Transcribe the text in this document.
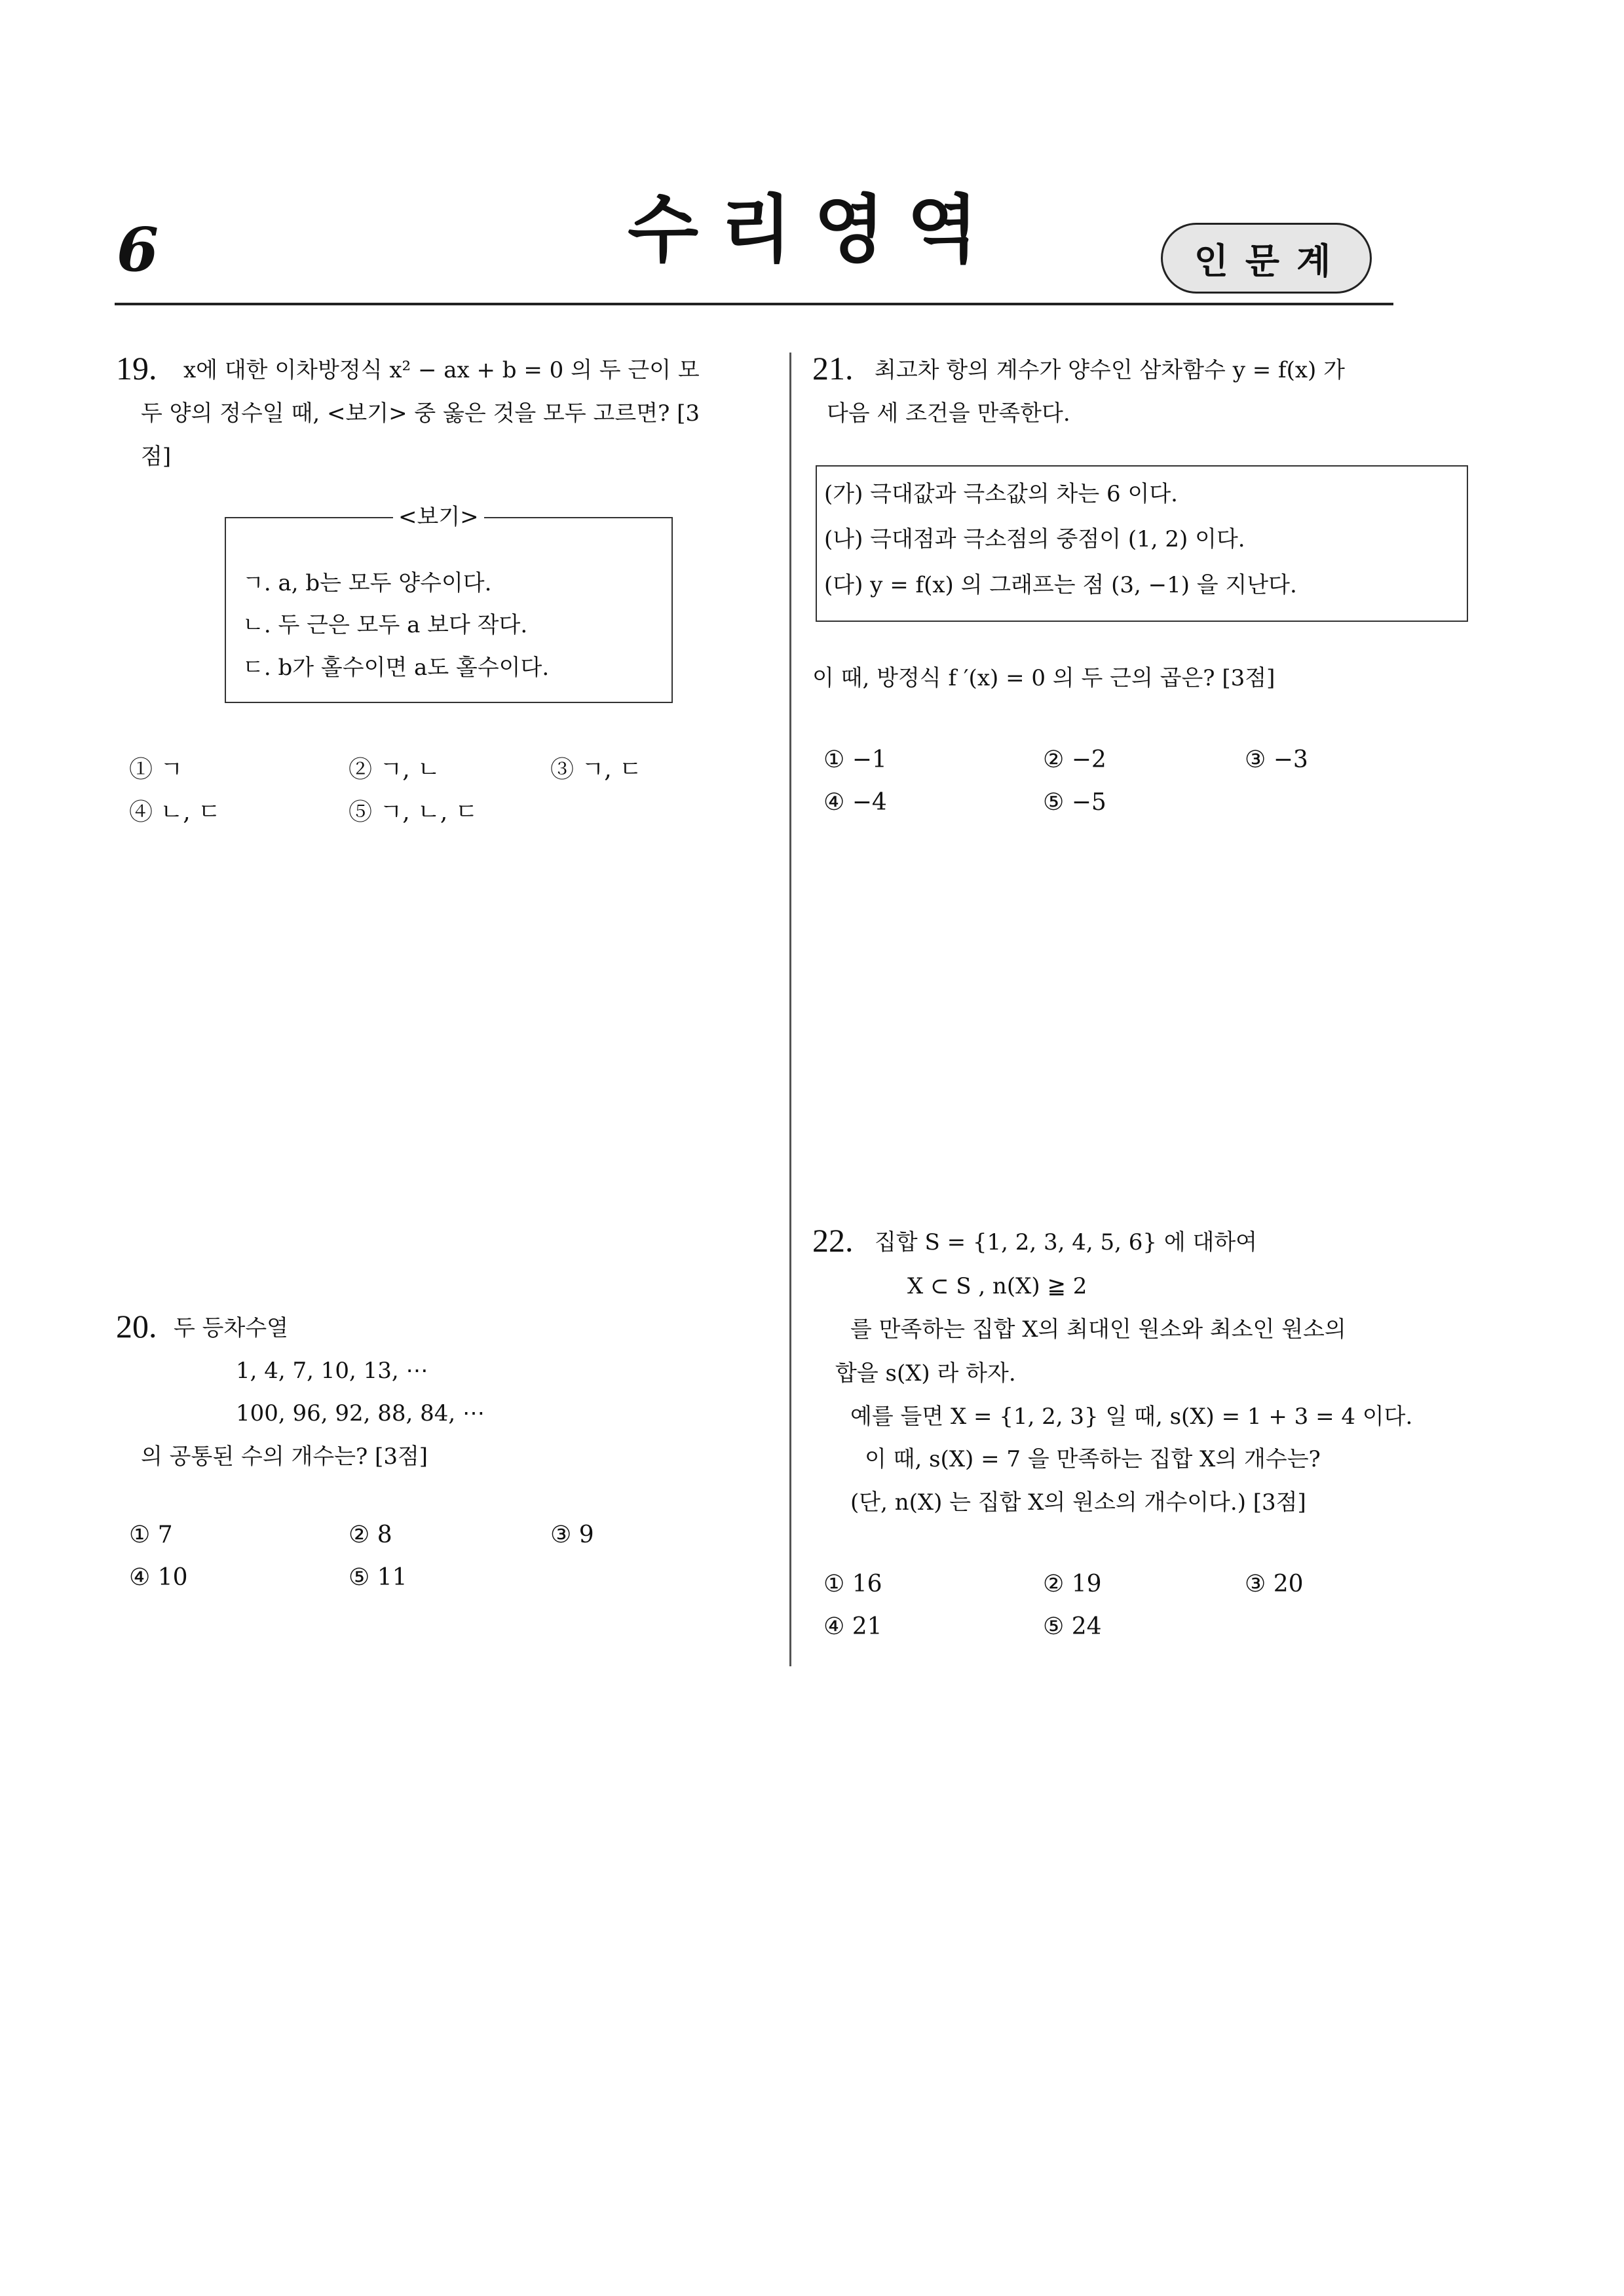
6	수리영역	인문계
19. x에 대한 이차방정식 x² − ax + b = 0 의 두 근이 모
두 양의 정수일 때, <보기> 중 옳은 것을 모두 고르면? [3
점]
<보기>
ㄱ. a, b는 모두 양수이다.
ㄴ. 두 근은 모두 a 보다 작다.
ㄷ. b가 홀수이면 a도 홀수이다.
① ㄱ	② ㄱ, ㄴ	③ ㄱ, ㄷ
④ ㄴ, ㄷ	⑤ ㄱ, ㄴ, ㄷ
20. 두 등차수열
1, 4, 7, 10, 13, ⋯
100, 96, 92, 88, 84, ⋯
의 공통된 수의 개수는? [3점]
① 7	② 8	③ 9
④ 10	⑤ 11
21. 최고차 항의 계수가 양수인 삼차함수 y = f(x) 가
다음 세 조건을 만족한다.
(가) 극대값과 극소값의 차는 6 이다.
(나) 극대점과 극소점의 중점이 (1, 2) 이다.
(다) y = f(x) 의 그래프는 점 (3, −1) 을 지난다.
이 때, 방정식 f ′(x) = 0 의 두 근의 곱은? [3점]
① −1	② −2	③ −3
④ −4	⑤ −5
22. 집합 S = {1, 2, 3, 4, 5, 6} 에 대하여
X ⊂ S , n(X) ≧ 2
를 만족하는 집합 X의 최대인 원소와 최소인 원소의
합을 s(X) 라 하자.
예를 들면 X = {1, 2, 3} 일 때, s(X) = 1 + 3 = 4 이다.
이 때, s(X) = 7 을 만족하는 집합 X의 개수는?
(단, n(X) 는 집합 X의 원소의 개수이다.) [3점]
① 16	② 19	③ 20
④ 21	⑤ 24
